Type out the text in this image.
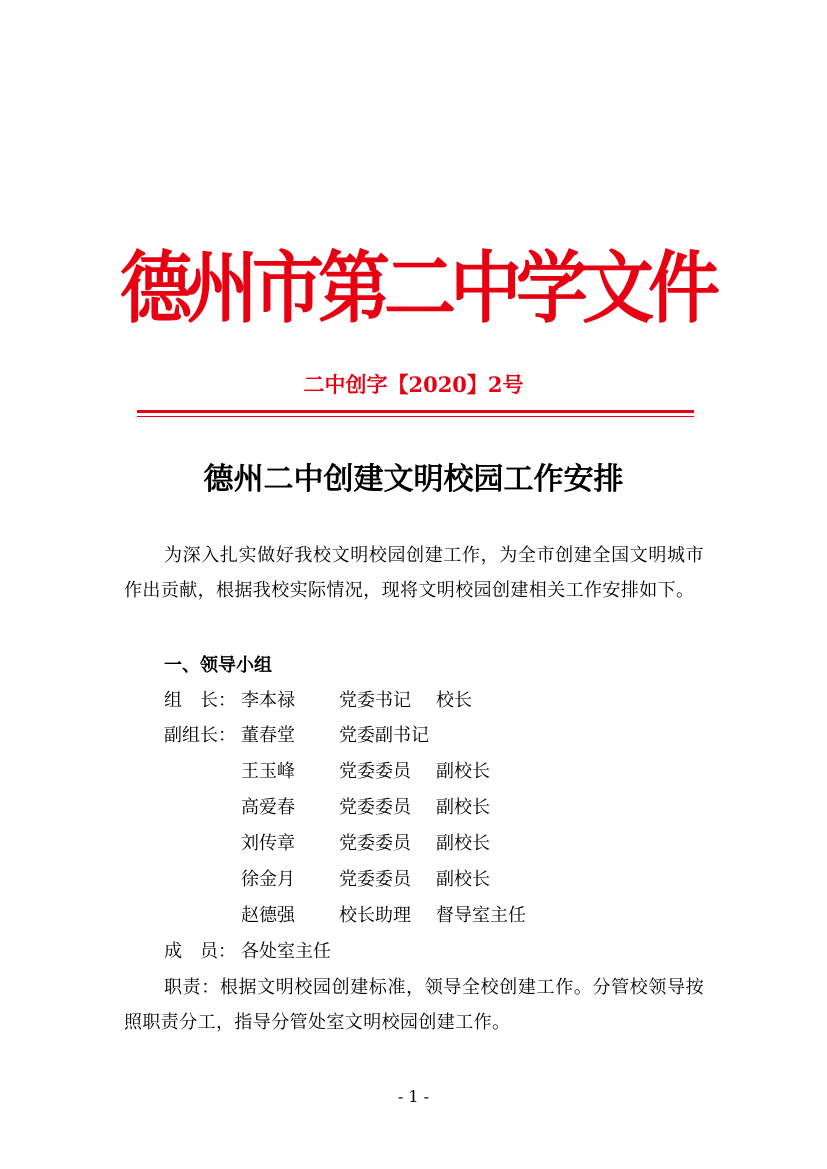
德州市第二中学文件
二中创字【2020】2号
德州二中创建文明校园工作安排
为深入扎实做好我校文明校园创建工作，为全市创建全国文明城市作出贡献，根据我校实际情况，现将文明校园创建相关工作安排如下。
一、领导小组
组　长： 李本禄 党委书记 校长
副组长： 董春堂 党委副书记
王玉峰 党委委员 副校长
高爱春 党委委员 副校长
刘传章 党委委员 副校长
徐金月 党委委员 副校长
赵德强 校长助理 督导室主任
成　员： 各处室主任
职责：根据文明校园创建标准，领导全校创建工作。分管校领导按照职责分工，指导分管处室文明校园创建工作。
- 1 -
